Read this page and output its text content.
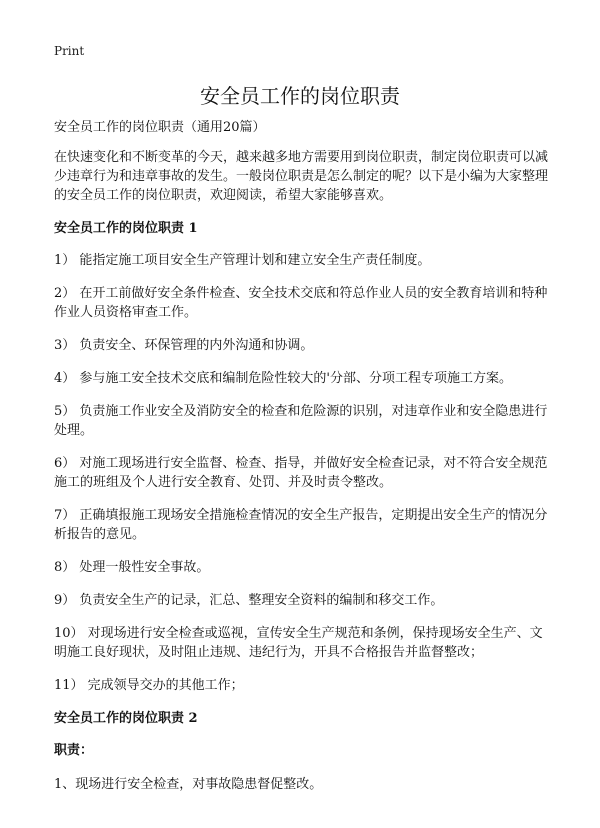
Print
安全员工作的岗位职责

安全员工作的岗位职责（通用20篇）

在快速变化和不断变革的今天，越来越多地方需要用到岗位职责，制定岗位职责可以减少违章行为和违章事故的发生。一般岗位职责是怎么制定的呢？以下是小编为大家整理的安全员工作的岗位职责，欢迎阅读，希望大家能够喜欢。

安全员工作的岗位职责 1

1） 能指定施工项目安全生产管理计划和建立安全生产责任制度。

2） 在开工前做好安全条件检查、安全技术交底和符总作业人员的安全教育培训和特种作业人员资格审查工作。

3） 负责安全、环保管理的内外沟通和协调。

4） 参与施工安全技术交底和编制危险性较大的'分部、分项工程专项施工方案。

5） 负责施工作业安全及消防安全的检查和危险源的识别，对违章作业和安全隐患进行处理。

6） 对施工现场进行安全监督、检查、指导，并做好安全检查记录，对不符合安全规范施工的班组及个人进行安全教育、处罚、并及时责令整改。

7） 正确填报施工现场安全措施检查情况的安全生产报告，定期提出安全生产的情况分析报告的意见。

8） 处理一般性安全事故。

9） 负责安全生产的记录，汇总、整理安全资料的编制和移交工作。

10） 对现场进行安全检查或巡视，宣传安全生产规范和条例，保持现场安全生产、文明施工良好现状，及时阻止违规、违纪行为，开具不合格报告并监督整改；

11） 完成领导交办的其他工作；

安全员工作的岗位职责 2

职责：

1、现场进行安全检查，对事故隐患督促整改。
